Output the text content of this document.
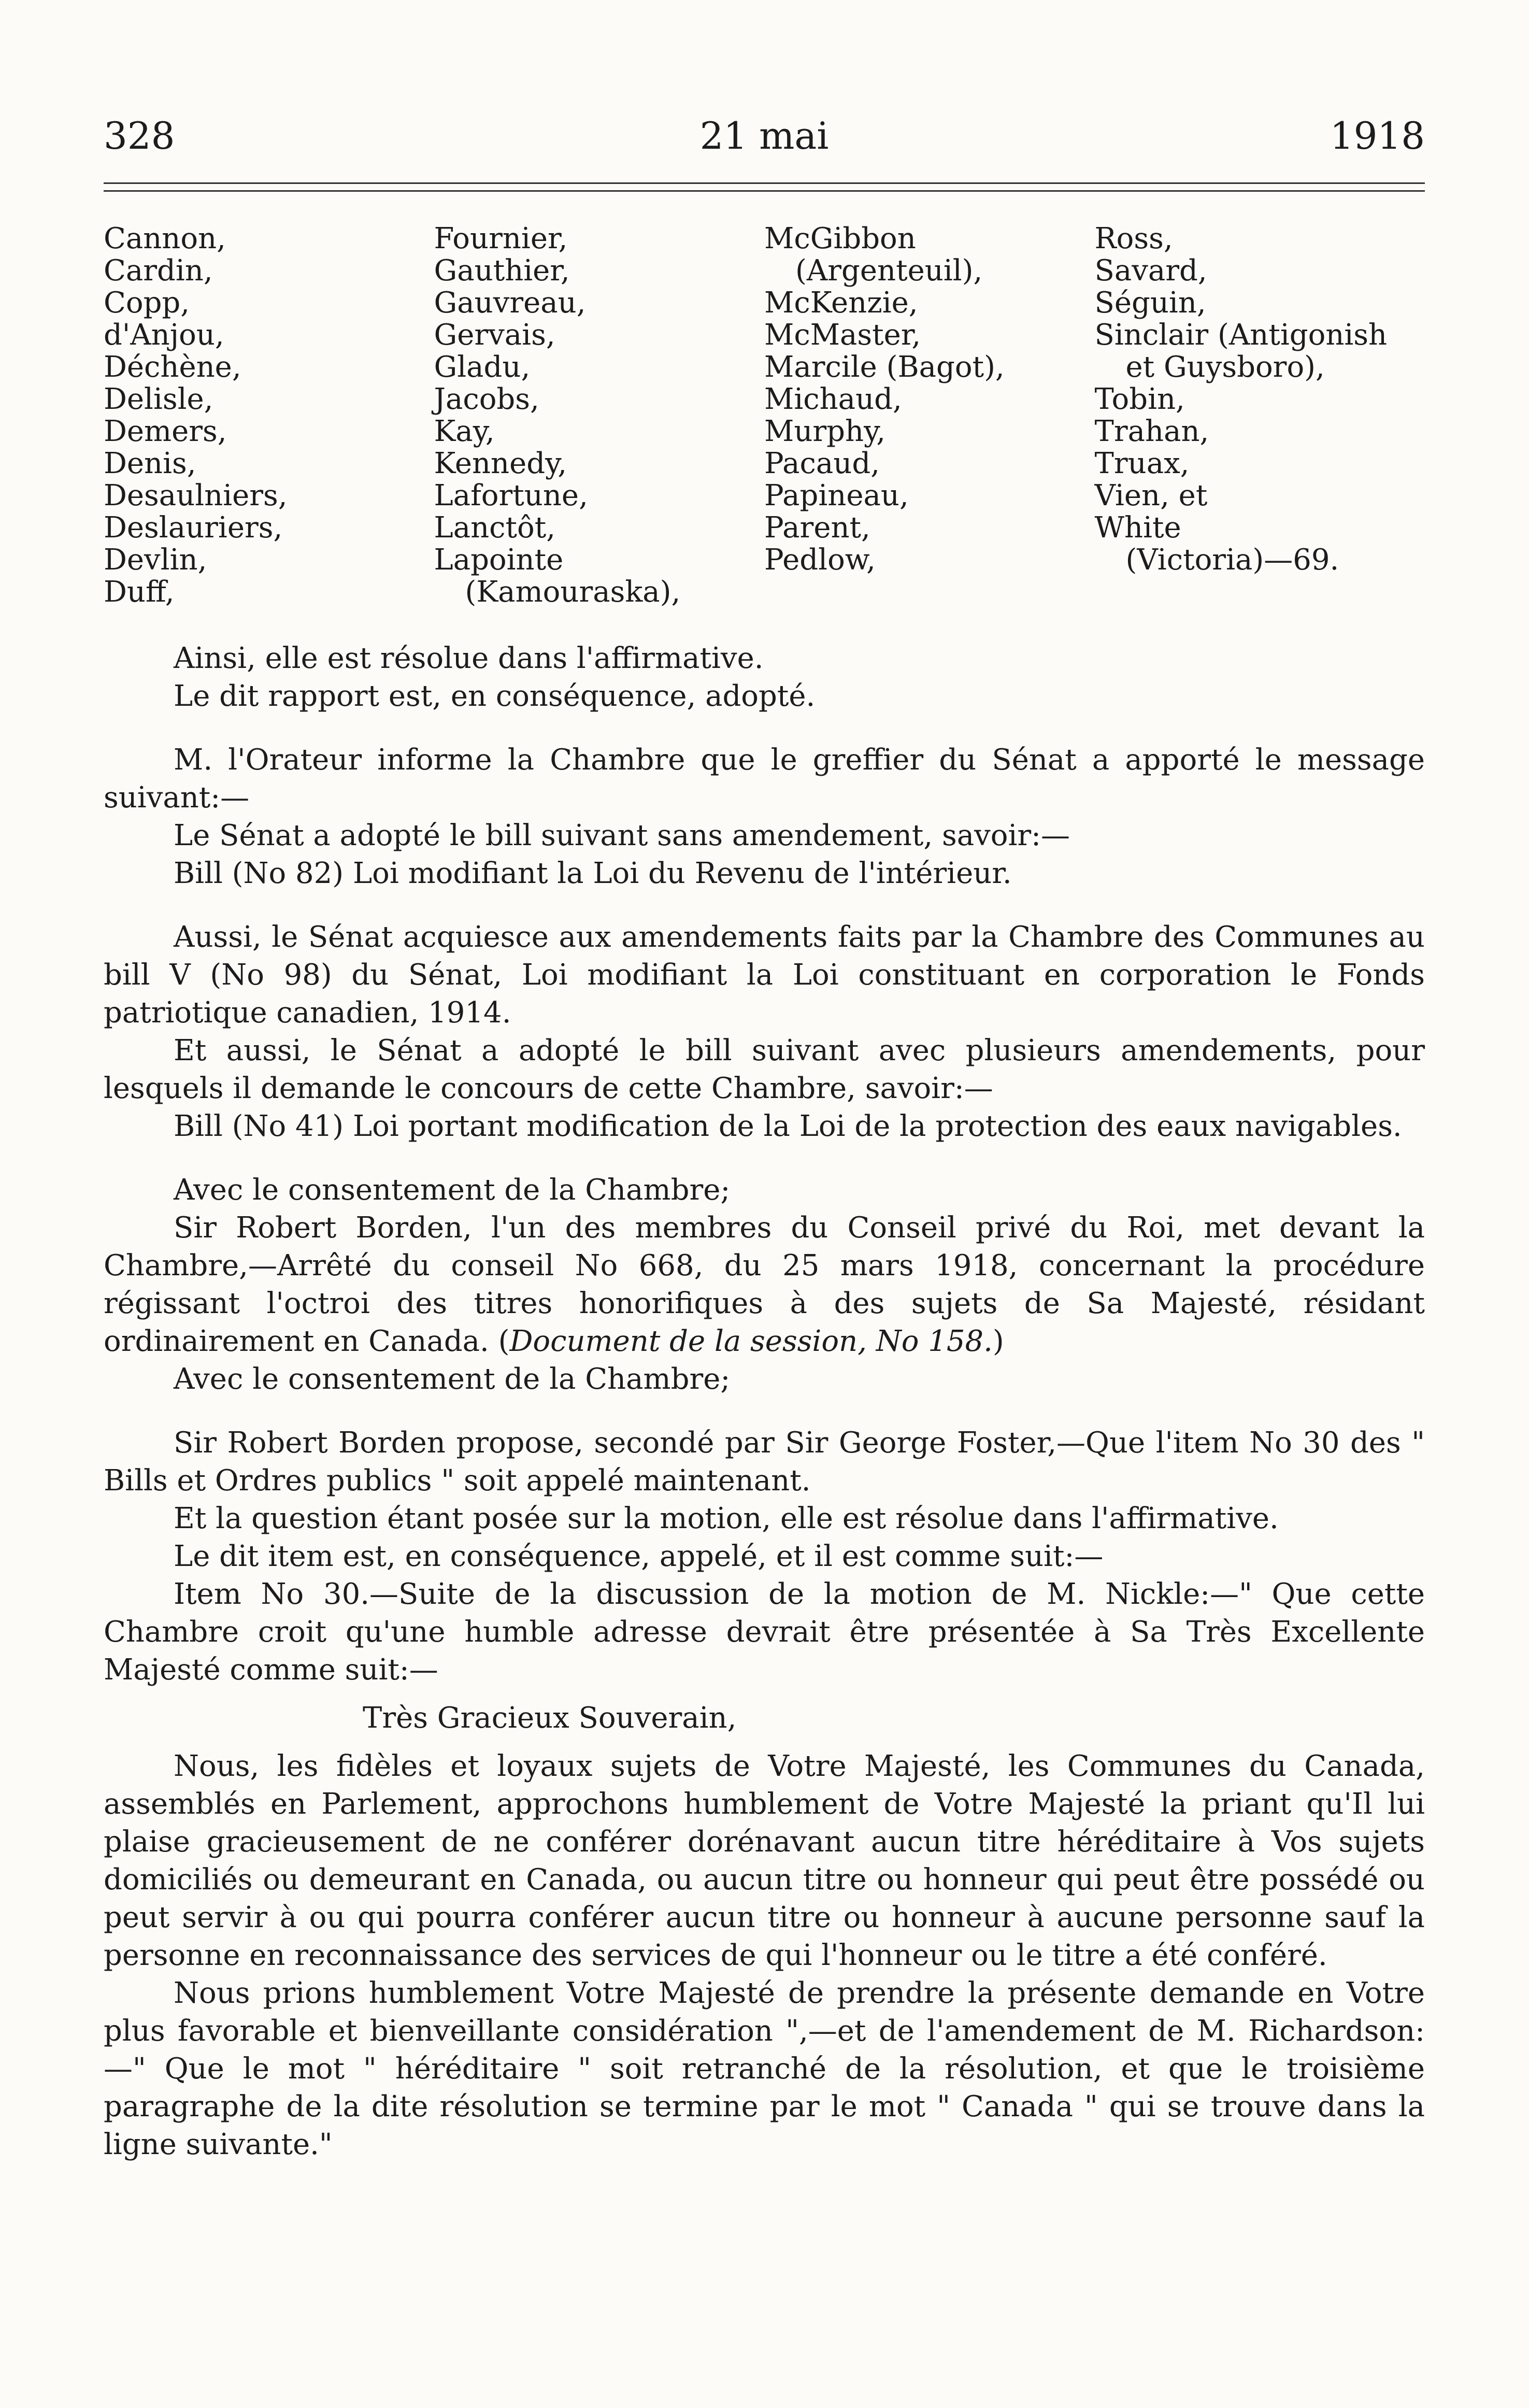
328	21 mai	1918
Cannon,
Cardin,
Copp,
d'Anjou,
Déchène,
Delisle,
Demers,
Denis,
Desaulniers,
Deslauriers,
Devlin,
Duff,
Fournier,
Gauthier,
Gauvreau,
Gervais,
Gladu,
Jacobs,
Kay,
Kennedy,
Lafortune,
Lanctôt,
Lapointe
(Kamouraska),
McGibbon
(Argenteuil),
McKenzie,
McMaster,
Marcile (Bagot),
Michaud,
Murphy,
Pacaud,
Papineau,
Parent,
Pedlow,
Ross,
Savard,
Séguin,
Sinclair (Antigonish
et Guysboro),
Tobin,
Trahan,
Truax,
Vien, et
White
(Victoria)—69.

Ainsi, elle est résolue dans l'affirmative.

Le dit rapport est, en conséquence, adopté.

M. l'Orateur informe la Chambre que le greffier du Sénat a apporté le message suivant:—

Le Sénat a adopté le bill suivant sans amendement, savoir:—

Bill (No 82) Loi modifiant la Loi du Revenu de l'intérieur.

Aussi, le Sénat acquiesce aux amendements faits par la Chambre des Communes au bill V (No 98) du Sénat, Loi modifiant la Loi constituant en corporation le Fonds patriotique canadien, 1914.

Et aussi, le Sénat a adopté le bill suivant avec plusieurs amendements, pour lesquels il demande le concours de cette Chambre, savoir:—

Bill (No 41) Loi portant modification de la Loi de la protection des eaux navigables.

Avec le consentement de la Chambre;

Sir Robert Borden, l'un des membres du Conseil privé du Roi, met devant la Chambre,—Arrêté du conseil No 668, du 25 mars 1918, concernant la procédure régissant l'octroi des titres honorifiques à des sujets de Sa Majesté, résidant ordinairement en Canada. (Document de la session, No 158.)

Avec le consentement de la Chambre;

Sir Robert Borden propose, secondé par Sir George Foster,—Que l'item No 30 des " Bills et Ordres publics " soit appelé maintenant.

Et la question étant posée sur la motion, elle est résolue dans l'affirmative.

Le dit item est, en conséquence, appelé, et il est comme suit:—

Item No 30.—Suite de la discussion de la motion de M. Nickle:—" Que cette Chambre croit qu'une humble adresse devrait être présentée à Sa Très Excellente Majesté comme suit:—

Très Gracieux Souverain,

Nous, les fidèles et loyaux sujets de Votre Majesté, les Communes du Canada, assemblés en Parlement, approchons humblement de Votre Majesté la priant qu'Il lui plaise gracieusement de ne conférer dorénavant aucun titre héréditaire à Vos sujets domiciliés ou demeurant en Canada, ou aucun titre ou honneur qui peut être possédé ou peut servir à ou qui pourra conférer aucun titre ou honneur à aucune personne sauf la personne en reconnaissance des services de qui l'honneur ou le titre a été conféré.

Nous prions humblement Votre Majesté de prendre la présente demande en Votre plus favorable et bienveillante considération ",—et de l'amendement de M. Richardson: —" Que le mot " héréditaire " soit retranché de la résolution, et que le troisième paragraphe de la dite résolution se termine par le mot " Canada " qui se trouve dans la ligne suivante."
